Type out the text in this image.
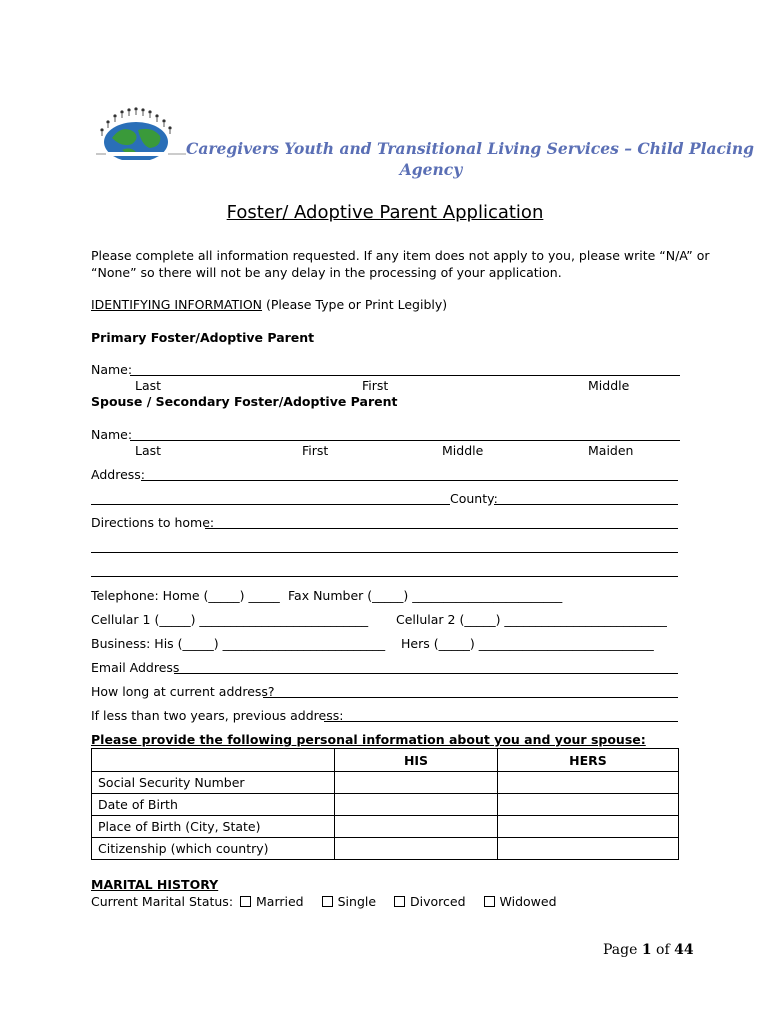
Caregivers Youth and Transitional Living Services – Child Placing
Agency
Foster/ Adoptive Parent Application
Please complete all information requested. If any item does not apply to you, please write “N/A” or
“None” so there will not be any delay in the processing of your application.
IDENTIFYING INFORMATION (Please Type or Print Legibly)
Primary Foster/Adoptive Parent
Name:
Last	First	Middle
Spouse / Secondary Foster/Adoptive Parent
Name:
Last	First	Middle	Maiden
Address:
County:
Directions to home:
Telephone: Home (_____) _____ Fax Number (_____) ________________________
Cellular 1 (_____) ___________________________ Cellular 2 (_____) __________________________
Business: His (_____) __________________________ Hers (_____) ____________________________
Email Address
How long at current address?
If less than two years, previous address:
Please provide the following personal information about you and your spouse:
	HIS	HERS
Social Security Number		
Date of Birth		
Place of Birth (City, State)		
Citizenship (which country)		
MARITAL HISTORY
Current Marital Status: Married	Single	Divorced	Widowed
Page 1 of 44
